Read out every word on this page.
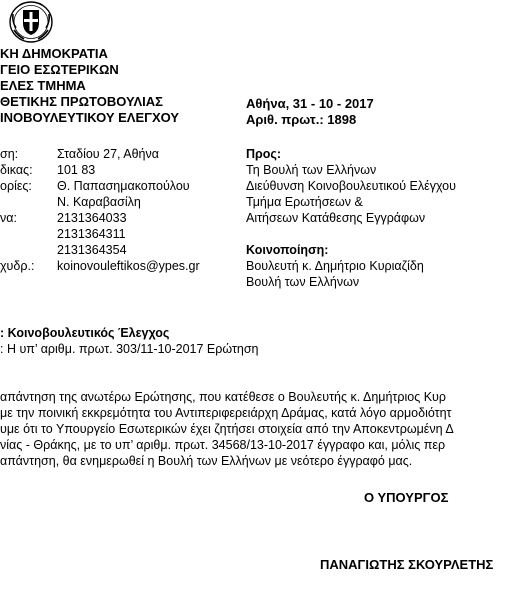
ΚΗ ΔΗΜΟΚΡΑΤΙΑ
ΓΕΙΟ ΕΣΩΤΕΡΙΚΩΝ
ΕΛΕΣ ΤΜΗΜΑ
ΘΕΤΙΚΗΣ ΠΡΩΤΟΒΟΥΛΙΑΣ
ΙΝΟΒΟΥΛΕΥΤΙΚΟΥ ΕΛΕΓΧΟΥ
Αθήνα, 31 - 10 - 2017
Αριθ. πρωτ.: 1898
ση:	Σταδίου 27, Αθήνα
δικας:	101 83
ορίες:	Θ. Παπασημακοπούλου
Ν. Καραβασίλη
να:	2131364033
2131364311
2131364354
χυδρ.:	koinovouleftikos@ypes.gr
Προς:
Τη Βουλή των Ελλήνων
Διεύθυνση Κοινοβουλευτικού Ελέγχου
Τμήμα Ερωτήσεων &
Αιτήσεων Κατάθεσης Εγγράφων
Κοινοποίηση:
Βουλευτή κ. Δημήτριο Κυριαζίδη
Βουλή των Ελλήνων
: Κοινοβουλευτικός Έλεγχος
: Η υπ’ αριθμ. πρωτ. 303/11-10-2017 Ερώτηση
απάντηση της ανωτέρω Ερώτησης, που κατέθεσε ο Βουλευτής κ. Δημήτριος Κυρ
με την ποινική εκκρεμότητα του Αντιπεριφερειάρχη Δράμας, κατά λόγο αρμοδιότητ
υμε ότι το Υπουργείο Εσωτερικών έχει ζητήσει στοιχεία από την Αποκεντρωμένη Δ
νίας - Θράκης, με το υπ’ αριθμ. πρωτ. 34568/13-10-2017 έγγραφο και, μόλις περ
απάντηση, θα ενημερωθεί η Βουλή των Ελλήνων με νεότερο έγγραφό μας.
Ο ΥΠΟΥΡΓΟΣ
ΠΑΝΑΓΙΩΤΗΣ ΣΚΟΥΡΛΕΤΗΣ
